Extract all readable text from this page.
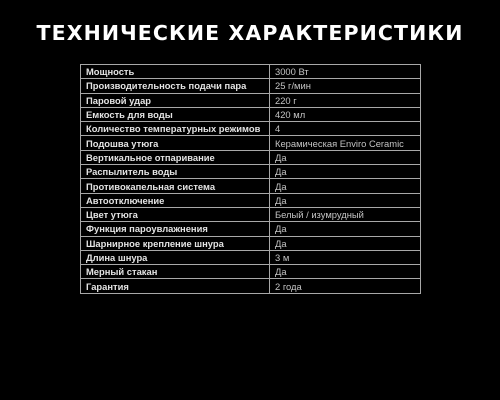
ТЕХНИЧЕСКИЕ ХАРАКТЕРИСТИКИ
Мощность	3000 Вт
Производительность подачи пара	25 г/мин
Паровой удар	220 г
Емкость для воды	420 мл
Количество температурных режимов	4
Подошва утюга	Керамическая Enviro Ceramic
Вертикальное отпаривание	Да
Распылитель воды	Да
Противокапельная система	Да
Автоотключение	Да
Цвет утюга	Белый / изумрудный
Функция пароувлажнения	Да
Шарнирное крепление шнура	Да
Длина шнура	3 м
Мерный стакан	Да
Гарантия	2 года
